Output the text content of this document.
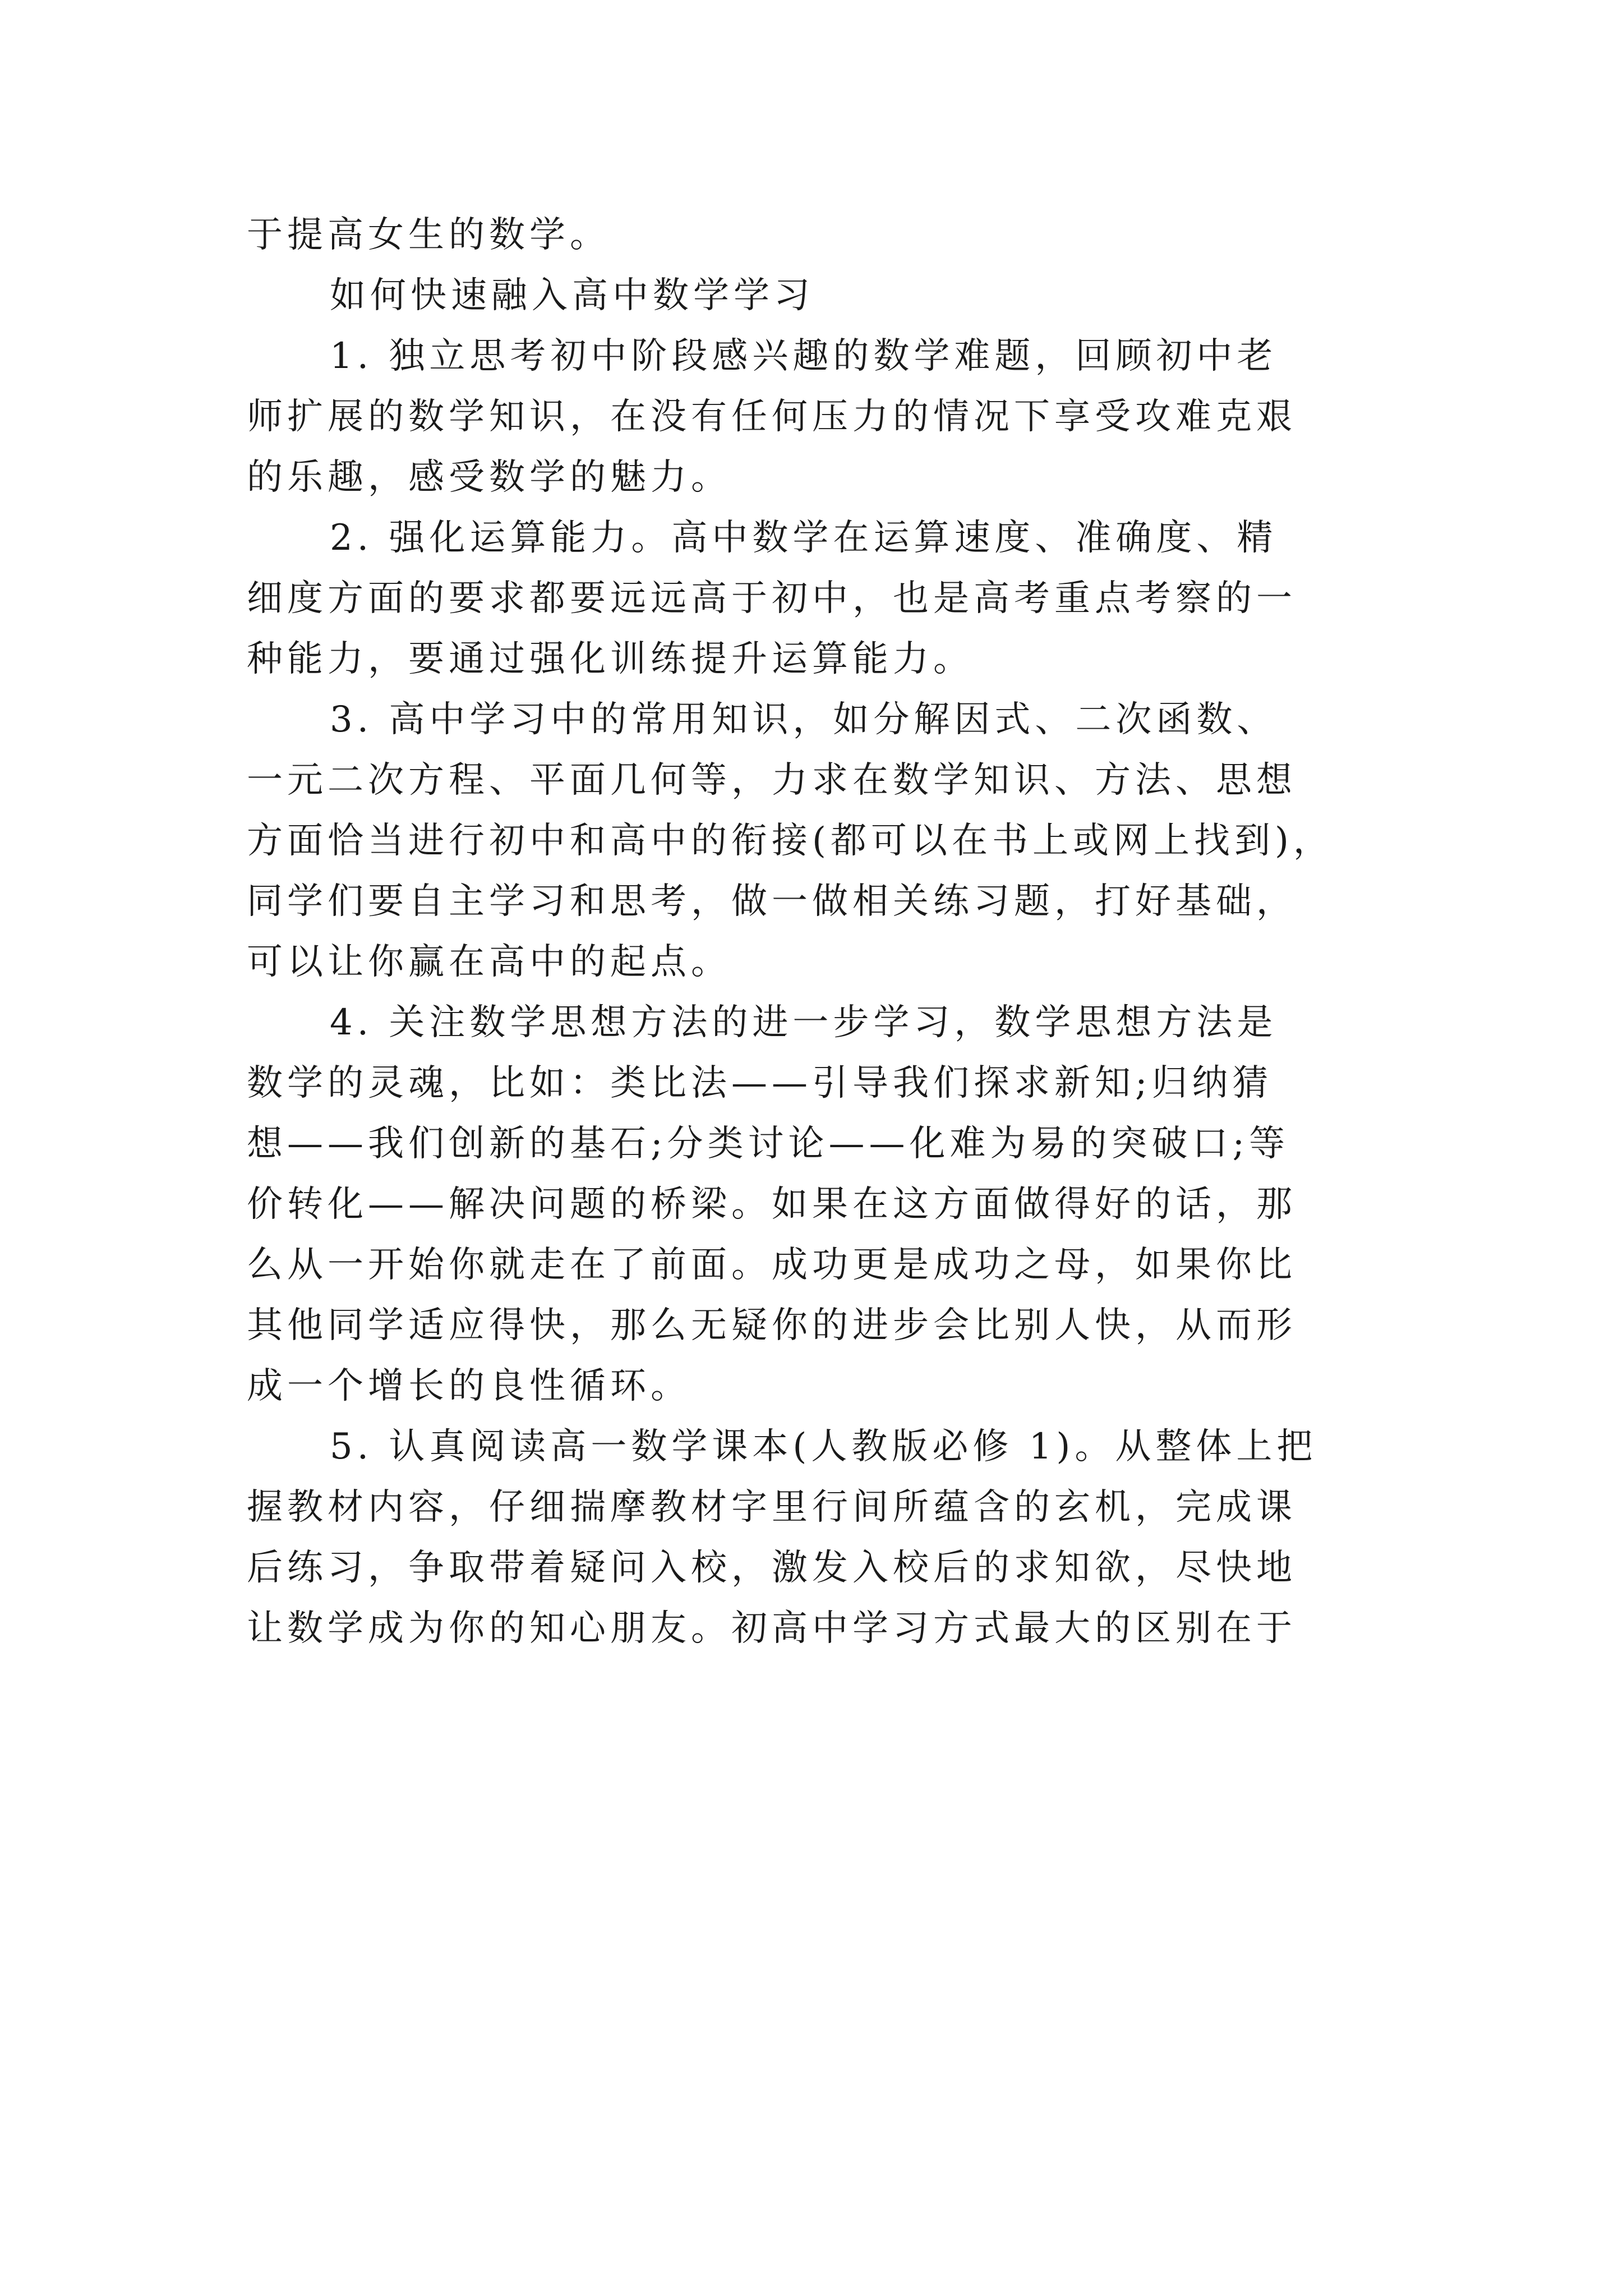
于提高女生的数学。
如何快速融入高中数学学习
1. 独立思考初中阶段感兴趣的数学难题，回顾初中老
师扩展的数学知识，在没有任何压力的情况下享受攻难克艰
的乐趣，感受数学的魅力。
2. 强化运算能力。高中数学在运算速度、准确度、精
细度方面的要求都要远远高于初中，也是高考重点考察的一
种能力，要通过强化训练提升运算能力。
3. 高中学习中的常用知识，如分解因式、二次函数、
一元二次方程、平面几何等，力求在数学知识、方法、思想
方面恰当进行初中和高中的衔接(都可以在书上或网上找到)，
同学们要自主学习和思考，做一做相关练习题，打好基础，
可以让你赢在高中的起点。
4. 关注数学思想方法的进一步学习，数学思想方法是
数学的灵魂，比如：类比法——引导我们探求新知;归纳猜
想——我们创新的基石;分类讨论——化难为易的突破口;等
价转化——解决问题的桥梁。如果在这方面做得好的话，那
么从一开始你就走在了前面。成功更是成功之母，如果你比
其他同学适应得快，那么无疑你的进步会比别人快，从而形
成一个增长的良性循环。
5. 认真阅读高一数学课本(人教版必修 1)。从整体上把
握教材内容，仔细揣摩教材字里行间所蕴含的玄机，完成课
后练习，争取带着疑问入校，激发入校后的求知欲，尽快地
让数学成为你的知心朋友。初高中学习方式最大的区别在于
